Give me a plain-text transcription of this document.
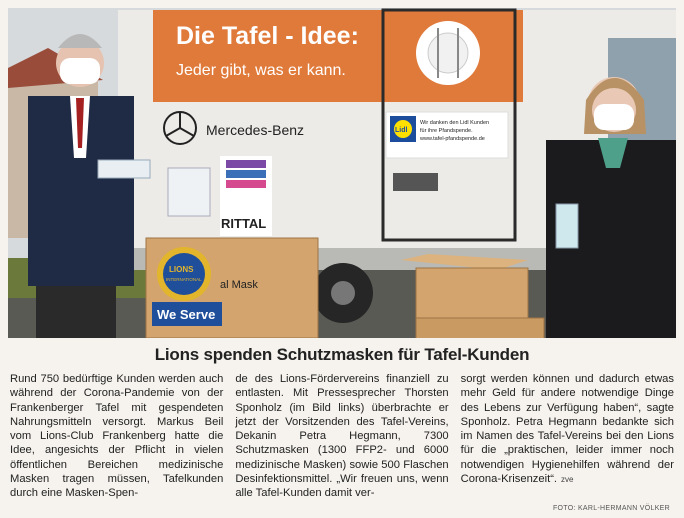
Die Tafel - Idee:
Jeder gibt, was er kann.
Mercedes-Benz	Lidl
Wir danken den Lidl Kunden
für ihre Pfandspende.
www.tafel-pfandspende.de
RITTAL
LIONS
INTERNATIONAL
We Serve
al Mask
Lions spenden Schutzmasken für Tafel-Kunden

Rund 750 bedürftige Kunden werden auch während der Corona-Pandemie von der Frankenberger Tafel mit gespendeten Nahrungsmitteln versorgt. Markus Beil vom Lions-Club Frankenberg hatte die Idee, angesichts der Pflicht in vielen öffentlichen Bereichen medizinische Masken tragen müssen, Tafelkunden durch eine Masken-Spen-

de des Lions-Fördervereins finanziell zu entlasten. Mit Pressesprecher Thorsten Sponholz (im Bild links) überbrachte er jetzt der Vorsitzenden des Tafel-Vereins, Dekanin Petra Hegmann, 7300 Schutzmasken (1300 FFP2- und 6000 medizinische Masken) sowie 500 Flaschen Desinfektionsmittel. „Wir freuen uns, wenn alle Tafel-Kunden damit ver-

sorgt werden können und dadurch etwas mehr Geld für andere notwendige Dinge des Lebens zur Verfügung haben“, sagte Sponholz. Petra Hegmann bedankte sich im Namen des Tafel-Vereins bei den Lions für die „praktischen, leider immer noch notwendigen Hygienehilfen während der Corona-Krisenzeit“. zve

FOTO: KARL-HERMANN VÖLKER
